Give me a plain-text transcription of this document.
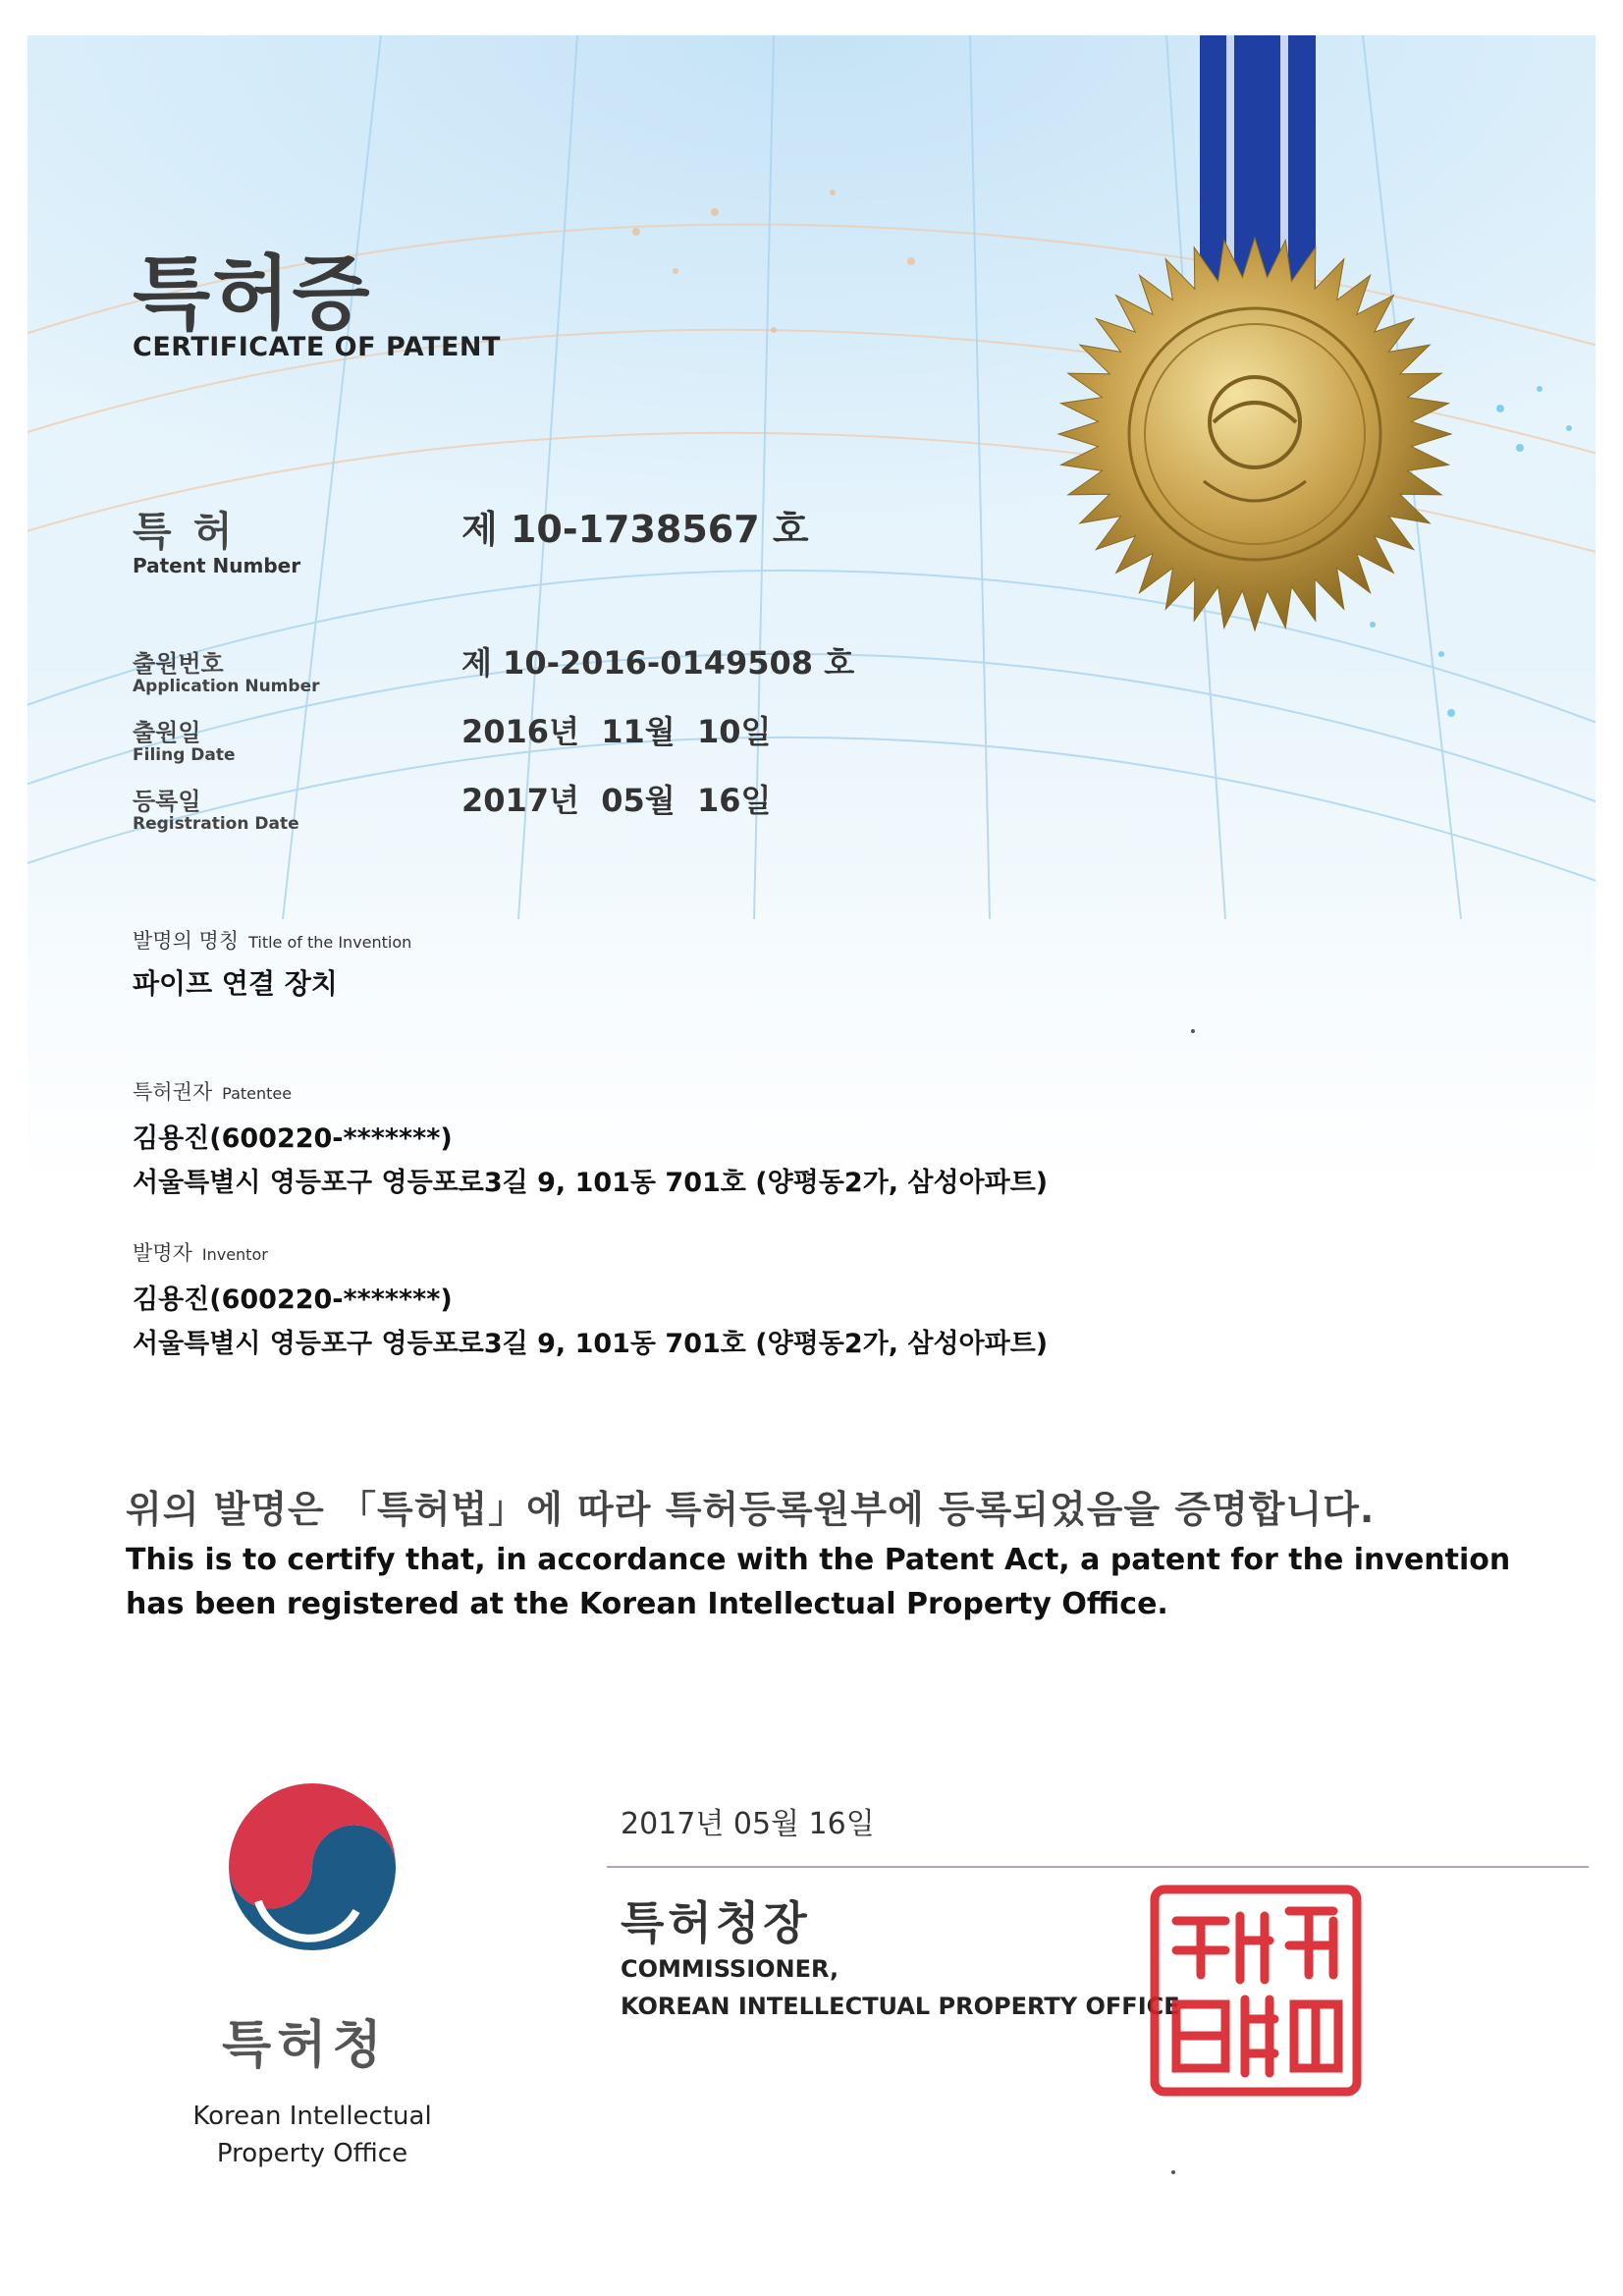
특허증
CERTIFICATE OF PATENT
특 허
Patent Number
제 10-1738567 호
출원번호
Application Number
제 10-2016-0149508 호
출원일
Filing Date
2016년  11월  10일
등록일
Registration Date
2017년  05월  16일
발명의 명칭 Title of the Invention
파이프 연결 장치
특허권자 Patentee
김용진(600220-*******)
서울특별시 영등포구 영등포로3길 9, 101동 701호 (양평동2가, 삼성아파트)
발명자 Inventor
김용진(600220-*******)
서울특별시 영등포구 영등포로3길 9, 101동 701호 (양평동2가, 삼성아파트)
위의 발명은 「특허법」에 따라 특허등록원부에 등록되었음을 증명합니다.
This is to certify that, in accordance with the Patent Act, a patent for the invention
has been registered at the Korean Intellectual Property Office.
2017년 05월 16일
특허청장
COMMISSIONER,
KOREAN INTELLECTUAL PROPERTY OFFICE
특허청
Korean Intellectual
Property Office
